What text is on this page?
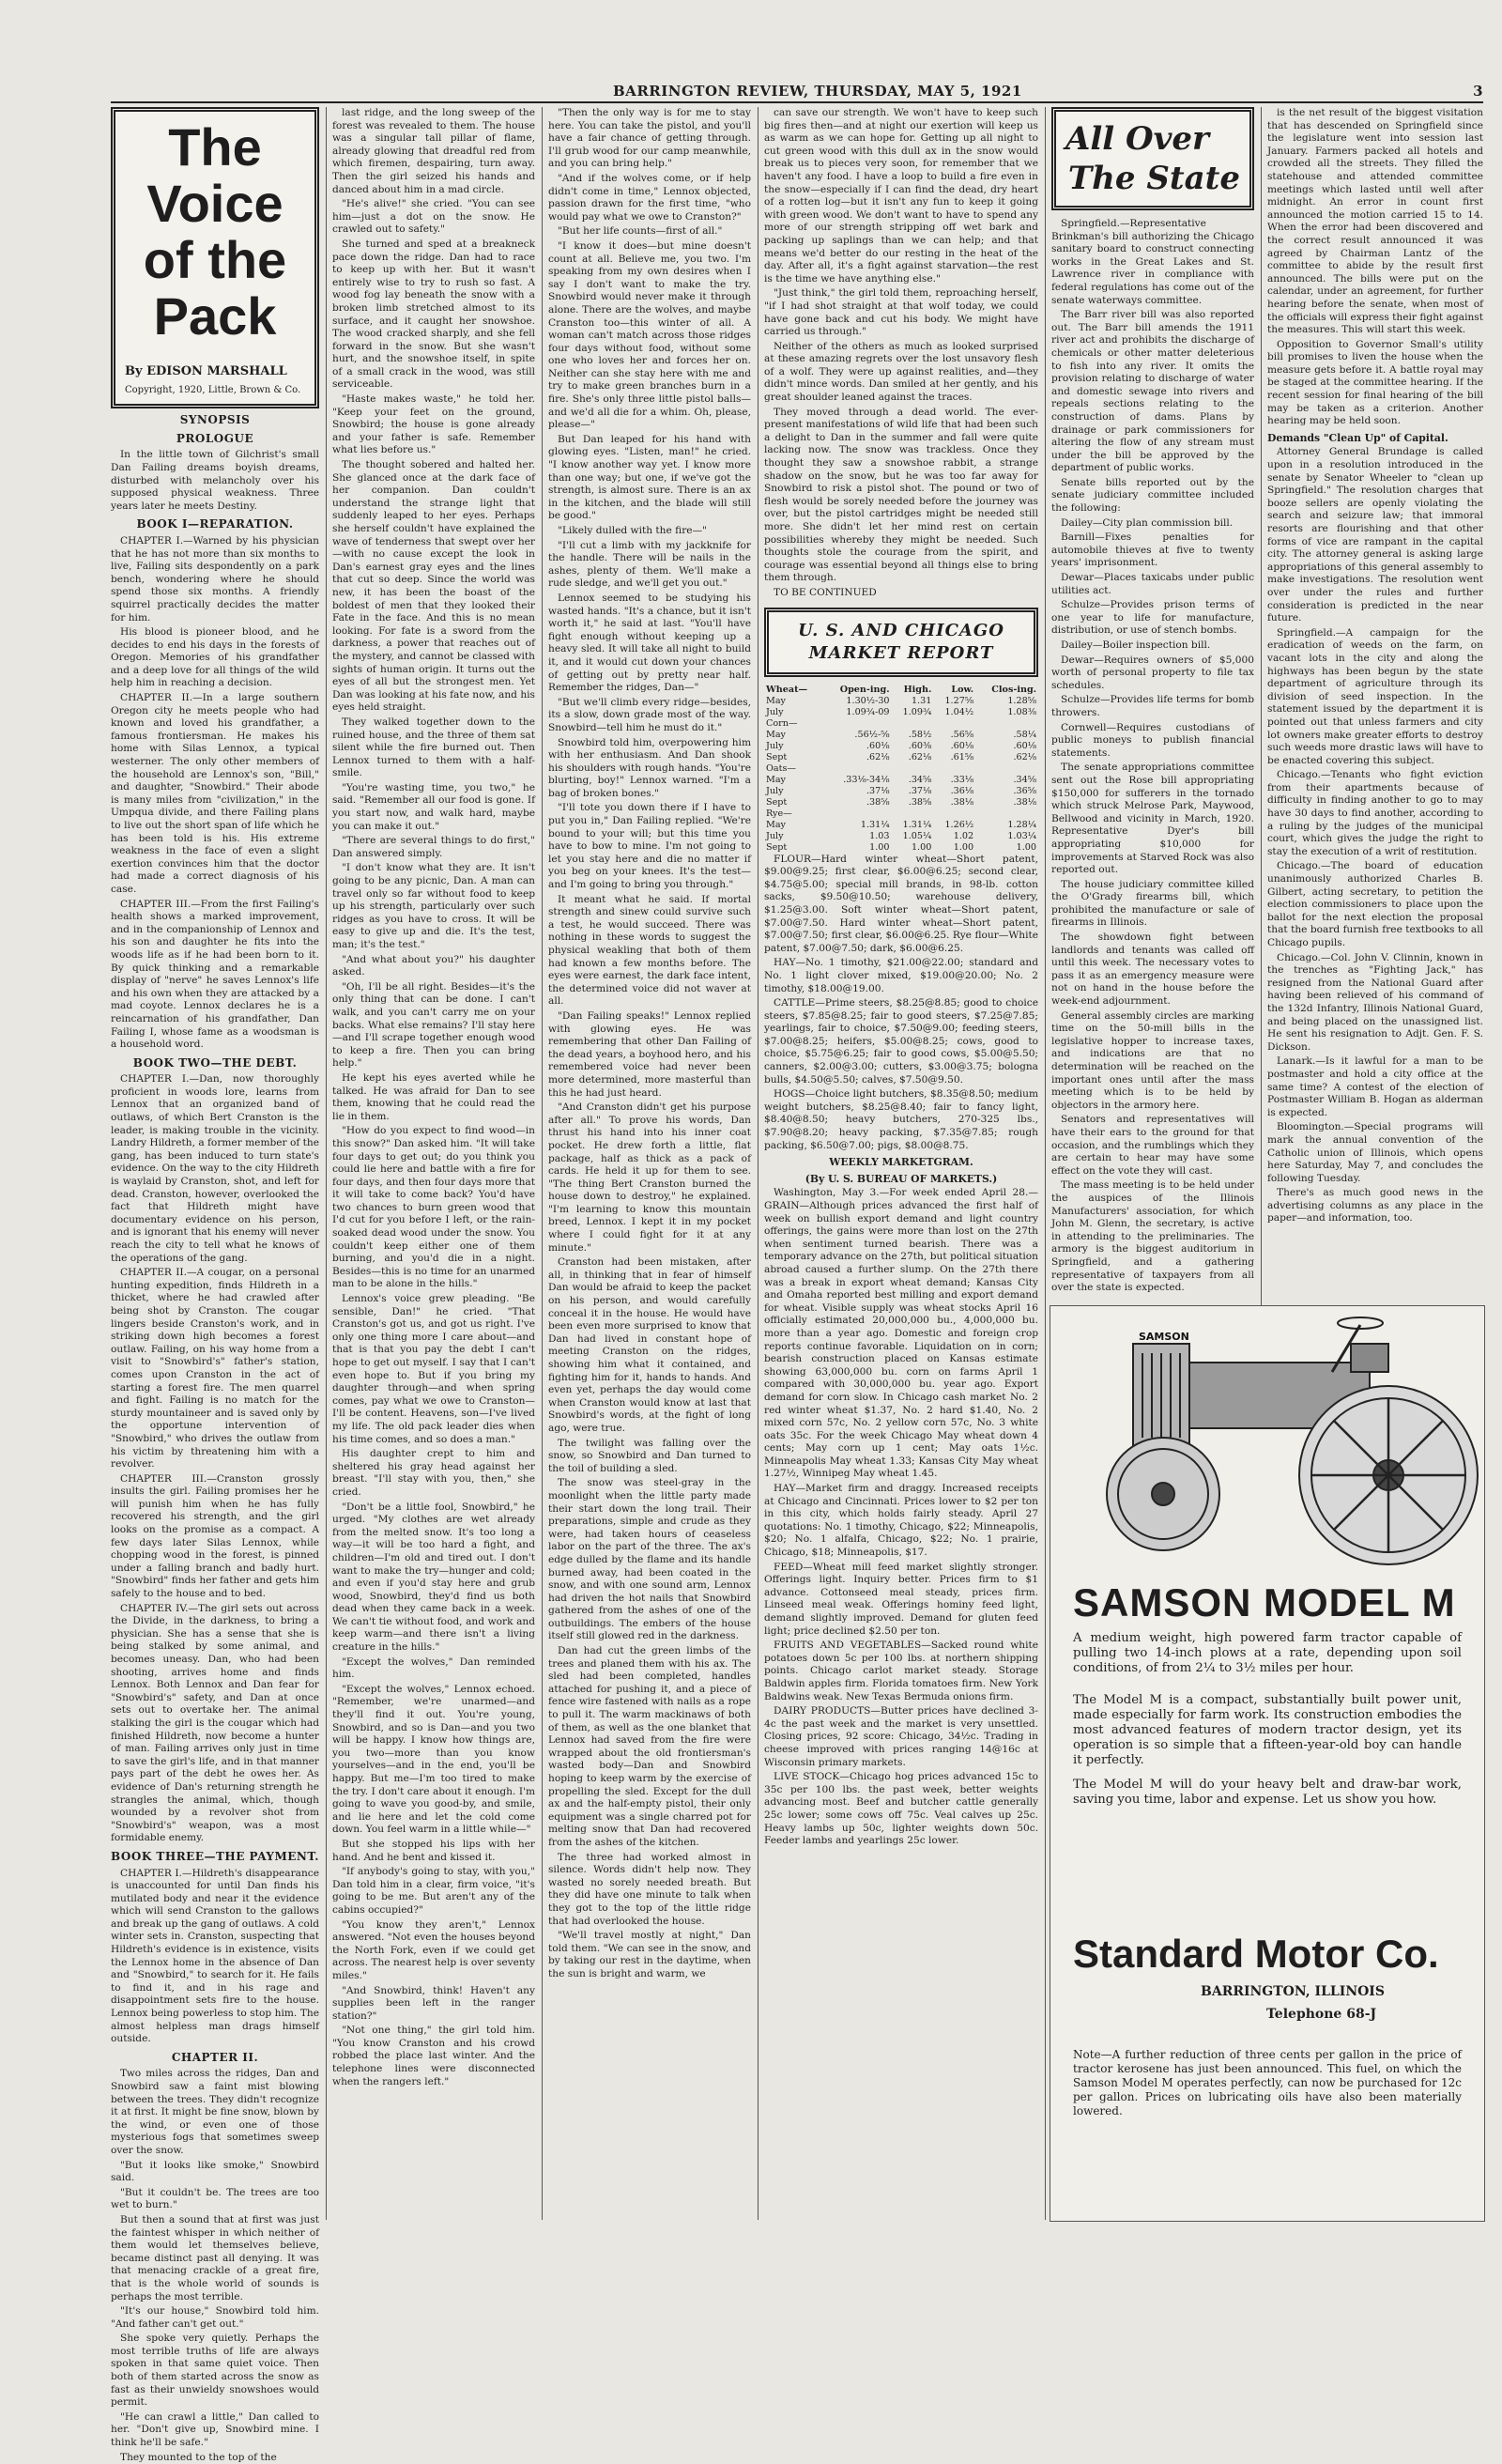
BARRINGTON REVIEW, THURSDAY, MAY 5, 1921	3
The Voice of the Pack
By EDISON MARSHALL
Copyright, 1920, Little, Brown & Co.
SYNOPSIS
PROLOGUE

In the little town of Gilchrist's small Dan Failing dreams boyish dreams, disturbed with melancholy over his supposed physical weakness. Three years later he meets Destiny.

BOOK I—REPARATION.

CHAPTER I.—Warned by his physician that he has not more than six months to live, Failing sits despondently on a park bench, wondering where he should spend those six months. A friendly squirrel practically decides the matter for him.

His blood is pioneer blood, and he decides to end his days in the forests of Oregon. Memories of his grandfather and a deep love for all things of the wild help him in reaching a decision.

CHAPTER II.—In a large southern Oregon city he meets people who had known and loved his grandfather, a famous frontiersman. He makes his home with Silas Lennox, a typical westerner. The only other members of the household are Lennox's son, "Bill," and daughter, "Snowbird." Their abode is many miles from "civilization," in the Umpqua divide, and there Failing plans to live out the short span of life which he has been told is his. His extreme weakness in the face of even a slight exertion convinces him that the doctor had made a correct diagnosis of his case.

CHAPTER III.—From the first Failing's health shows a marked improvement, and in the companionship of Lennox and his son and daughter he fits into the woods life as if he had been born to it. By quick thinking and a remarkable display of "nerve" he saves Lennox's life and his own when they are attacked by a mad coyote. Lennox declares he is a reincarnation of his grandfather, Dan Failing I, whose fame as a woodsman is a household word.

BOOK TWO—THE DEBT.

CHAPTER I.—Dan, now thoroughly proficient in woods lore, learns from Lennox that an organized band of outlaws, of which Bert Cranston is the leader, is making trouble in the vicinity. Landry Hildreth, a former member of the gang, has been induced to turn state's evidence. On the way to the city Hildreth is waylaid by Cranston, shot, and left for dead. Cranston, however, overlooked the fact that Hildreth might have documentary evidence on his person, and is ignorant that his enemy will never reach the city to tell what he knows of the operations of the gang.

CHAPTER II.—A cougar, on a personal hunting expedition, finds Hildreth in a thicket, where he had crawled after being shot by Cranston. The cougar lingers beside Cranston's work, and in striking down high becomes a forest outlaw. Failing, on his way home from a visit to "Snowbird's" father's station, comes upon Cranston in the act of starting a forest fire. The men quarrel and fight. Failing is no match for the sturdy mountaineer and is saved only by the opportune intervention of "Snowbird," who drives the outlaw from his victim by threatening him with a revolver.

CHAPTER III.—Cranston grossly insults the girl. Failing promises her he will punish him when he has fully recovered his strength, and the girl looks on the promise as a compact. A few days later Silas Lennox, while chopping wood in the forest, is pinned under a falling branch and badly hurt. "Snowbird" finds her father and gets him safely to the house and to bed.

CHAPTER IV.—The girl sets out across the Divide, in the darkness, to bring a physician. She has a sense that she is being stalked by some animal, and becomes uneasy. Dan, who had been shooting, arrives home and finds Lennox. Both Lennox and Dan fear for "Snowbird's" safety, and Dan at once sets out to overtake her. The animal stalking the girl is the cougar which had finished Hildreth, now become a hunter of man. Failing arrives only just in time to save the girl's life, and in that manner pays part of the debt he owes her. As evidence of Dan's returning strength he strangles the animal, which, though wounded by a revolver shot from "Snowbird's" weapon, was a most formidable enemy.

BOOK THREE—THE PAYMENT.

CHAPTER I.—Hildreth's disappearance is unaccounted for until Dan finds his mutilated body and near it the evidence which will send Cranston to the gallows and break up the gang of outlaws. A cold winter sets in. Cranston, suspecting that Hildreth's evidence is in existence, visits the Lennox home in the absence of Dan and "Snowbird," to search for it. He fails to find it, and in his rage and disappointment sets fire to the house. Lennox being powerless to stop him. The almost helpless man drags himself outside.

CHAPTER II.

Two miles across the ridges, Dan and Snowbird saw a faint mist blowing between the trees. They didn't recognize it at first. It might be fine snow, blown by the wind, or even one of those mysterious fogs that sometimes sweep over the snow.

"But it looks like smoke," Snowbird said.

"But it couldn't be. The trees are too wet to burn."

But then a sound that at first was just the faintest whisper in which neither of them would let themselves believe, became distinct past all denying. It was that menacing crackle of a great fire, that is the whole world of sounds is perhaps the most terrible.

"It's our house," Snowbird told him. "And father can't get out."

She spoke very quietly. Perhaps the most terrible truths of life are always spoken in that same quiet voice. Then both of them started across the snow as fast as their unwieldy snowshoes would permit.

"He can crawl a little," Dan called to her. "Don't give up, Snowbird mine. I think he'll be safe."

They mounted to the top of the

last ridge, and the long sweep of the forest was revealed to them. The house was a singular tall pillar of flame, already glowing that dreadful red from which firemen, despairing, turn away. Then the girl seized his hands and danced about him in a mad circle.

"He's alive!" she cried. "You can see him—just a dot on the snow. He crawled out to safety."

She turned and sped at a breakneck pace down the ridge. Dan had to race to keep up with her. But it wasn't entirely wise to try to rush so fast. A wood fog lay beneath the snow with a broken limb stretched almost to its surface, and it caught her snowshoe. The wood cracked sharply, and she fell forward in the snow. But she wasn't hurt, and the snowshoe itself, in spite of a small crack in the wood, was still serviceable.

"Haste makes waste," he told her. "Keep your feet on the ground, Snowbird; the house is gone already and your father is safe. Remember what lies before us."

The thought sobered and halted her. She glanced once at the dark face of her companion. Dan couldn't understand the strange light that suddenly leaped to her eyes. Perhaps she herself couldn't have explained the wave of tenderness that swept over her—with no cause except the look in Dan's earnest gray eyes and the lines that cut so deep. Since the world was new, it has been the boast of the boldest of men that they looked their Fate in the face. And this is no mean looking. For fate is a sword from the darkness, a power that reaches out of the mystery, and cannot be classed with sights of human origin. It turns out the eyes of all but the strongest men. Yet Dan was looking at his fate now, and his eyes held straight.

They walked together down to the ruined house, and the three of them sat silent while the fire burned out. Then Lennox turned to them with a half-smile.

"You're wasting time, you two," he said. "Remember all our food is gone. If you start now, and walk hard, maybe you can make it out."

"There are several things to do first," Dan answered simply.

"I don't know what they are. It isn't going to be any picnic, Dan. A man can travel only so far without food to keep up his strength, particularly over such ridges as you have to cross. It will be easy to give up and die. It's the test, man; it's the test."

"And what about you?" his daughter asked.

"Oh, I'll be all right. Besides—it's the only thing that can be done. I can't walk, and you can't carry me on your backs. What else remains? I'll stay here—and I'll scrape together enough wood to keep a fire. Then you can bring help."

He kept his eyes averted while he talked. He was afraid for Dan to see them, knowing that he could read the lie in them.

"How do you expect to find wood—in this snow?" Dan asked him. "It will take four days to get out; do you think you could lie here and battle with a fire for four days, and then four days more that it will take to come back? You'd have two chances to burn green wood that I'd cut for you before I left, or the rain-soaked dead wood under the snow. You couldn't keep either one of them burning, and you'd die in a night. Besides—this is no time for an unarmed man to be alone in the hills."

Lennox's voice grew pleading. "Be sensible, Dan!" he cried. "That Cranston's got us, and got us right. I've only one thing more I care about—and that is that you pay the debt I can't hope to get out myself. I say that I can't even hope to. But if you bring my daughter through—and when spring comes, pay what we owe to Cranston—I'll be content. Heavens, son—I've lived my life. The old pack leader dies when his time comes, and so does a man."

His daughter crept to him and sheltered his gray head against her breast. "I'll stay with you, then," she cried.

"Don't be a little fool, Snowbird," he urged. "My clothes are wet already from the melted snow. It's too long a way—it will be too hard a fight, and children—I'm old and tired out. I don't want to make the try—hunger and cold; and even if you'd stay here and grub wood, Snowbird, they'd find us both dead when they came back in a week. We can't tie without food, and work and keep warm—and there isn't a living creature in the hills."

"Except the wolves," Dan reminded him.

"Except the wolves," Lennox echoed. "Remember, we're unarmed—and they'll find it out. You're young, Snowbird, and so is Dan—and you two will be happy. I know how things are, you two—more than you know yourselves—and in the end, you'll be happy. But me—I'm too tired to make the try. I don't care about it enough. I'm going to wave you good-by, and smile, and lie here and let the cold come down. You feel warm in a little while—"

But she stopped his lips with her hand. And he bent and kissed it.

"If anybody's going to stay, with you," Dan told him in a clear, firm voice, "it's going to be me. But aren't any of the cabins occupied?"

"You know they aren't," Lennox answered. "Not even the houses beyond the North Fork, even if we could get across. The nearest help is over seventy miles."

"And Snowbird, think! Haven't any supplies been left in the ranger station?"

"Not one thing," the girl told him. "You know Cranston and his crowd robbed the place last winter. And the telephone lines were disconnected when the rangers left."

"Then the only way is for me to stay here. You can take the pistol, and you'll have a fair chance of getting through. I'll grub wood for our camp meanwhile, and you can bring help."

"And if the wolves come, or if help didn't come in time," Lennox objected, passion drawn for the first time, "who would pay what we owe to Cranston?"

"But her life counts—first of all."

"I know it does—but mine doesn't count at all. Believe me, you two. I'm speaking from my own desires when I say I don't want to make the try. Snowbird would never make it through alone. There are the wolves, and maybe Cranston too—this winter of all. A woman can't match across those ridges four days without food, without some one who loves her and forces her on. Neither can she stay here with me and try to make green branches burn in a fire. She's only three little pistol balls—and we'd all die for a whim. Oh, please, please—"

But Dan leaped for his hand with glowing eyes. "Listen, man!" he cried. "I know another way yet. I know more than one way; but one, if we've got the strength, is almost sure. There is an ax in the kitchen, and the blade will still be good."

"Likely dulled with the fire—"

"I'll cut a limb with my jackknife for the handle. There will be nails in the ashes, plenty of them. We'll make a rude sledge, and we'll get you out."

Lennox seemed to be studying his wasted hands. "It's a chance, but it isn't worth it," he said at last. "You'll have fight enough without keeping up a heavy sled. It will take all night to build it, and it would cut down your chances of getting out by pretty near half. Remember the ridges, Dan—"

"But we'll climb every ridge—besides, its a slow, down grade most of the way. Snowbird—tell him he must do it."

Snowbird told him, overpowering him with her enthusiasm. And Dan shook his shoulders with rough hands. "You're blurting, boy!" Lennox warned. "I'm a bag of broken bones."

"I'll tote you down there if I have to put you in," Dan Failing replied. "We're bound to your will; but this time you have to bow to mine. I'm not going to let you stay here and die no matter if you beg on your knees. It's the test—and I'm going to bring you through."

It meant what he said. If mortal strength and sinew could survive such a test, he would succeed. There was nothing in these words to suggest the physical weakling that both of them had known a few months before. The eyes were earnest, the dark face intent, the determined voice did not waver at all.

"Dan Failing speaks!" Lennox replied with glowing eyes. He was remembering that other Dan Failing of the dead years, a boyhood hero, and his remembered voice had never been more determined, more masterful than this he had just heard.

"And Cranston didn't get his purpose after all." To prove his words, Dan thrust his hand into his inner coat pocket. He drew forth a little, flat package, half as thick as a pack of cards. He held it up for them to see. "The thing Bert Cranston burned the house down to destroy," he explained. "I'm learning to know this mountain breed, Lennox. I kept it in my pocket where I could fight for it at any minute."

Cranston had been mistaken, after all, in thinking that in fear of himself Dan would be afraid to keep the packet on his person, and would carefully conceal it in the house. He would have been even more surprised to know that Dan had lived in constant hope of meeting Cranston on the ridges, showing him what it contained, and fighting him for it, hands to hands. And even yet, perhaps the day would come when Cranston would know at last that Snowbird's words, at the fight of long ago, were true.

The twilight was falling over the snow, so Snowbird and Dan turned to the toil of building a sled.

The snow was steel-gray in the moonlight when the little party made their start down the long trail. Their preparations, simple and crude as they were, had taken hours of ceaseless labor on the part of the three. The ax's edge dulled by the flame and its handle burned away, had been coated in the snow, and with one sound arm, Lennox had driven the hot nails that Snowbird gathered from the ashes of one of the outbuildings. The embers of the house itself still glowed red in the darkness.

Dan had cut the green limbs of the trees and planed them with his ax. The sled had been completed, handles attached for pushing it, and a piece of fence wire fastened with nails as a rope to pull it. The warm mackinaws of both of them, as well as the one blanket that Lennox had saved from the fire were wrapped about the old frontiersman's wasted body—Dan and Snowbird hoping to keep warm by the exercise of propelling the sled. Except for the dull ax and the half-empty pistol, their only equipment was a single charred pot for melting snow that Dan had recovered from the ashes of the kitchen.

The three had worked almost in silence. Words didn't help now. They wasted no sorely needed breath. But they did have one minute to talk when they got to the top of the little ridge that had overlooked the house.

"We'll travel mostly at night," Dan told them. "We can see in the snow, and by taking our rest in the daytime, when the sun is bright and warm, we

can save our strength. We won't have to keep such big fires then—and at night our exertion will keep us as warm as we can hope for. Getting up all night to cut green wood with this dull ax in the snow would break us to pieces very soon, for remember that we haven't any food. I have a loop to build a fire even in the snow—especially if I can find the dead, dry heart of a rotten log—but it isn't any fun to keep it going with green wood. We don't want to have to spend any more of our strength stripping off wet bark and packing up saplings than we can help; and that means we'd better do our resting in the heat of the day. After all, it's a fight against starvation—the rest is the time we have anything else."

"Just think," the girl told them, reproaching herself, "if I had shot straight at that wolf today, we could have gone back and cut his body. We might have carried us through."

Neither of the others as much as looked surprised at these amazing regrets over the lost unsavory flesh of a wolf. They were up against realities, and—they didn't mince words. Dan smiled at her gently, and his great shoulder leaned against the traces.

They moved through a dead world. The ever-present manifestations of wild life that had been such a delight to Dan in the summer and fall were quite lacking now. The snow was trackless. Once they thought they saw a snowshoe rabbit, a strange shadow on the snow, but he was too far away for Snowbird to risk a pistol shot. The pound or two of flesh would be sorely needed before the journey was over, but the pistol cartridges might be needed still more. She didn't let her mind rest on certain possibilities whereby they might be needed. Such thoughts stole the courage from the spirit, and courage was essential beyond all things else to bring them through.

TO BE CONTINUED

U. S. AND CHICAGO
MARKET REPORT
Wheat—	Open-ing.	High.	Low.	Clos-ing.
May	1.30½-30	1.31	1.27⅝	1.28⅝
July	1.09¾-09	1.09¾	1.04½	1.08⅜
Corn—				
May	.56½-⅝	.58½	.56⅝	.58¼
July	.60⅛	.60⅜	.60⅛	.60⅛
Sept	.62⅛	.62⅛	.61⅝	.62⅛
Oats—				
May	.33⅛-34⅛	.34⅝	.33⅛	.34⅝
July	.37⅛	.37⅛	.36⅛	.36⅝
Sept	.38⅝	.38⅝	.38⅛	.38⅛
Rye—				
May	1.31¼	1.31¼	1.26½	1.28¼
July	1.03	1.05¼	1.02	1.03¼
Sept	1.00	1.00	1.00	1.00

FLOUR—Hard winter wheat—Short patent, $9.00@9.25; first clear, $6.00@6.25; second clear, $4.75@5.00; special mill brands, in 98-lb. cotton sacks, $9.50@10.50; warehouse delivery, $1.25@3.00. Soft winter wheat—Short patent, $7.00@7.50. Hard winter wheat—Short patent, $7.00@7.50; first clear, $6.00@6.25. Rye flour—White patent, $7.00@7.50; dark, $6.00@6.25.

HAY—No. 1 timothy, $21.00@22.00; standard and No. 1 light clover mixed, $19.00@20.00; No. 2 timothy, $18.00@19.00.

CATTLE—Prime steers, $8.25@8.85; good to choice steers, $7.85@8.25; fair to good steers, $7.25@7.85; yearlings, fair to choice, $7.50@9.00; feeding steers, $7.00@8.25; heifers, $5.00@8.25; cows, good to choice, $5.75@6.25; fair to good cows, $5.00@5.50; canners, $2.00@3.00; cutters, $3.00@3.75; bologna bulls, $4.50@5.50; calves, $7.50@9.50.

HOGS—Choice light butchers, $8.35@8.50; medium weight butchers, $8.25@8.40; fair to fancy light, $8.40@8.50; heavy butchers, 270-325 lbs., $7.90@8.20; heavy packing, $7.35@7.85; rough packing, $6.50@7.00; pigs, $8.00@8.75.

WEEKLY MARKETGRAM.
(By U. S. BUREAU OF MARKETS.)

Washington, May 3.—For week ended April 28.—GRAIN—Although prices advanced the first half of week on bullish export demand and light country offerings, the gains were more than lost on the 27th when sentiment turned bearish. There was a temporary advance on the 27th, but political situation abroad caused a further slump. On the 27th there was a break in export wheat demand; Kansas City and Omaha reported best milling and export demand for wheat. Visible supply was wheat stocks April 16 officially estimated 20,000,000 bu., 4,000,000 bu. more than a year ago. Domestic and foreign crop reports continue favorable. Liquidation on in corn; bearish construction placed on Kansas estimate showing 63,000,000 bu. corn on farms April 1 compared with 30,000,000 bu. year ago. Export demand for corn slow. In Chicago cash market No. 2 red winter wheat $1.37, No. 2 hard $1.40, No. 2 mixed corn 57c, No. 2 yellow corn 57c, No. 3 white oats 35c. For the week Chicago May wheat down 4 cents; May corn up 1 cent; May oats 1½c. Minneapolis May wheat 1.33; Kansas City May wheat 1.27½, Winnipeg May wheat 1.45.

HAY—Market firm and draggy. Increased receipts at Chicago and Cincinnati. Prices lower to $2 per ton in this city, which holds fairly steady. April 27 quotations: No. 1 timothy, Chicago, $22; Minneapolis, $20; No. 1 alfalfa, Chicago, $22; No. 1 prairie, Chicago, $18; Minneapolis, $17.

FEED—Wheat mill feed market slightly stronger. Offerings light. Inquiry better. Prices firm to $1 advance. Cottonseed meal steady, prices firm. Linseed meal weak. Offerings hominy feed light, demand slightly improved. Demand for gluten feed light; price declined $2.50 per ton.

FRUITS AND VEGETABLES—Sacked round white potatoes down 5c per 100 lbs. at northern shipping points. Chicago carlot market steady. Storage Baldwin apples firm. Florida tomatoes firm. New York Baldwins weak. New Texas Bermuda onions firm.

DAIRY PRODUCTS—Butter prices have declined 3-4c the past week and the market is very unsettled. Closing prices, 92 score: Chicago, 34½c. Trading in cheese improved with prices ranging 14@16c at Wisconsin primary markets.

LIVE STOCK—Chicago hog prices advanced 15c to 35c per 100 lbs. the past week, better weights advancing most. Beef and butcher cattle generally 25c lower; some cows off 75c. Veal calves up 25c. Heavy lambs up 50c, lighter weights down 50c. Feeder lambs and yearlings 25c lower.

All Over
The State

Springfield.—Representative Brinkman's bill authorizing the Chicago sanitary board to construct connecting works in the Great Lakes and St. Lawrence river in compliance with federal regulations has come out of the senate waterways committee.

The Barr river bill was also reported out. The Barr bill amends the 1911 river act and prohibits the discharge of chemicals or other matter deleterious to fish into any river. It omits the provision relating to discharge of water and domestic sewage into rivers and repeals sections relating to the construction of dams. Plans by drainage or park commissioners for altering the flow of any stream must under the bill be approved by the department of public works.

Senate bills reported out by the senate judiciary committee included the following:

Dailey—City plan commission bill.

Barnill—Fixes penalties for automobile thieves at five to twenty years' imprisonment.

Dewar—Places taxicabs under public utilities act.

Schulze—Provides prison terms of one year to life for manufacture, distribution, or use of stench bombs.

Dailey—Boiler inspection bill.

Dewar—Requires owners of $5,000 worth of personal property to file tax schedules.

Schulze—Provides life terms for bomb throwers.

Cornwell—Requires custodians of public moneys to publish financial statements.

The senate appropriations committee sent out the Rose bill appropriating $150,000 for sufferers in the tornado which struck Melrose Park, Maywood, Bellwood and vicinity in March, 1920. Representative Dyer's bill appropriating $10,000 for improvements at Starved Rock was also reported out.

The house judiciary committee killed the O'Grady firearms bill, which prohibited the manufacture or sale of firearms in Illinois.

The showdown fight between landlords and tenants was called off until this week. The necessary votes to pass it as an emergency measure were not on hand in the house before the week-end adjournment.

General assembly circles are marking time on the 50-mill bills in the legislative hopper to increase taxes, and indications are that no determination will be reached on the important ones until after the mass meeting which is to be held by objectors in the armory here.

Senators and representatives will have their ears to the ground for that occasion, and the rumblings which they are certain to hear may have some effect on the vote they will cast.

The mass meeting is to be held under the auspices of the Illinois Manufacturers' association, for which John M. Glenn, the secretary, is active in attending to the preliminaries. The armory is the biggest auditorium in Springfield, and a gathering representative of taxpayers from all over the state is expected.

is the net result of the biggest visitation that has descended on Springfield since the legislature went into session last January. Farmers packed all hotels and crowded all the streets. They filled the statehouse and attended committee meetings which lasted until well after midnight. An error in count first announced the motion carried 15 to 14. When the error had been discovered and the correct result announced it was agreed by Chairman Lantz of the committee to abide by the result first announced. The bills were put on the calendar, under an agreement, for further hearing before the senate, when most of the officials will express their fight against the measures. This will start this week.

Opposition to Governor Small's utility bill promises to liven the house when the measure gets before it. A battle royal may be staged at the committee hearing. If the recent session for final hearing of the bill may be taken as a criterion. Another hearing may be held soon.

Demands "Clean Up" of Capital.

Attorney General Brundage is called upon in a resolution introduced in the senate by Senator Wheeler to "clean up Springfield." The resolution charges that booze sellers are openly violating the search and seizure law; that immoral resorts are flourishing and that other forms of vice are rampant in the capital city. The attorney general is asking large appropriations of this general assembly to make investigations. The resolution went over under the rules and further consideration is predicted in the near future.

Springfield.—A campaign for the eradication of weeds on the farm, on vacant lots in the city and along the highways has been begun by the state department of agriculture through its division of seed inspection. In the statement issued by the department it is pointed out that unless farmers and city lot owners make greater efforts to destroy such weeds more drastic laws will have to be enacted covering this subject.

Chicago.—Tenants who fight eviction from their apartments because of difficulty in finding another to go to may have 30 days to find another, according to a ruling by the judges of the municipal court, which gives the judge the right to stay the execution of a writ of restitution.

Chicago.—The board of education unanimously authorized Charles B. Gilbert, acting secretary, to petition the election commissioners to place upon the ballot for the next election the proposal that the board furnish free textbooks to all Chicago pupils.

Chicago.—Col. John V. Clinnin, known in the trenches as "Fighting Jack," has resigned from the National Guard after having been relieved of his command of the 132d Infantry, Illinois National Guard, and being placed on the unassigned list. He sent his resignation to Adjt. Gen. F. S. Dickson.

Lanark.—Is it lawful for a man to be postmaster and hold a city office at the same time? A contest of the election of Postmaster William B. Hogan as alderman is expected.

Bloomington.—Special programs will mark the annual convention of the Catholic union of Illinois, which opens here Saturday, May 7, and concludes the following Tuesday.

There's as much good news in the advertising columns as any place in the paper—and information, too.

SAMSON
SAMSON MODEL M
A medium weight, high powered farm tractor capable of pulling two 14-inch plows at a rate, depending upon soil conditions, of from 2¼ to 3½ miles per hour.
The Model M is a compact, substantially built power unit, made especially for farm work. Its construction embodies the most advanced features of modern tractor design, yet its operation is so simple that a fifteen-year-old boy can handle it perfectly.
The Model M will do your heavy belt and draw-bar work, saving you time, labor and expense. Let us show you how.
Standard Motor Co.
BARRINGTON, ILLINOIS
Telephone 68-J
Note—A further reduction of three cents per gallon in the price of tractor kerosene has just been announced. This fuel, on which the Samson Model M operates perfectly, can now be purchased for 12c per gallon. Prices on lubricating oils have also been materially lowered.
